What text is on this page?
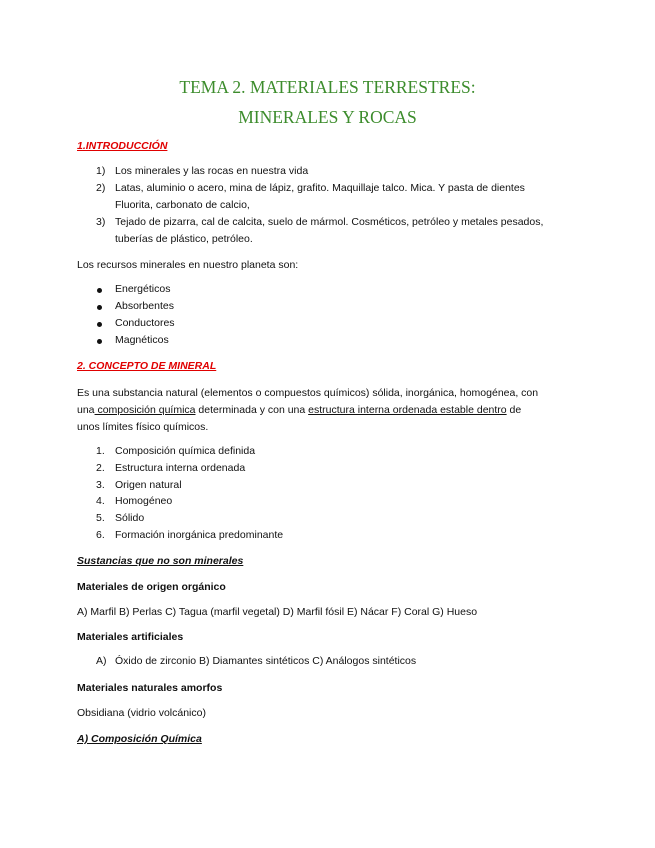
TEMA 2. MATERIALES TERRESTRES:
MINERALES Y ROCAS
1.INTRODUCCIÓN
1) Los minerales y las rocas en nuestra vida
2) Latas, aluminio o acero, mina de lápiz, grafito. Maquillaje talco. Mica. Y pasta de dientes
Fluorita, carbonato de calcio,
3) Tejado de pizarra, cal de calcita, suelo de mármol. Cosméticos, petróleo y metales pesados,
tuberías de plástico, petróleo.
Los recursos minerales en nuestro planeta son:
Energéticos
Absorbentes
Conductores
Magnéticos
2. CONCEPTO DE MINERAL
Es una substancia natural (elementos o compuestos químicos) sólida, inorgánica, homogénea, con
una composición química determinada y con una estructura interna ordenada estable dentro de
unos límites físico químicos.
1. Composición química definida
2. Estructura interna ordenada
3. Origen natural
4. Homogéneo
5. Sólido
6. Formación inorgánica predominante
Sustancias que no son minerales
Materiales de origen orgánico
A) Marfil B) Perlas C) Tagua (marfil vegetal) D) Marfil fósil E) Nácar F) Coral G) Hueso
Materiales artificiales
A) Óxido de zirconio B) Diamantes sintéticos C) Análogos sintéticos
Materiales naturales amorfos
Obsidiana (vidrio volcánico)
A) Composición Química
